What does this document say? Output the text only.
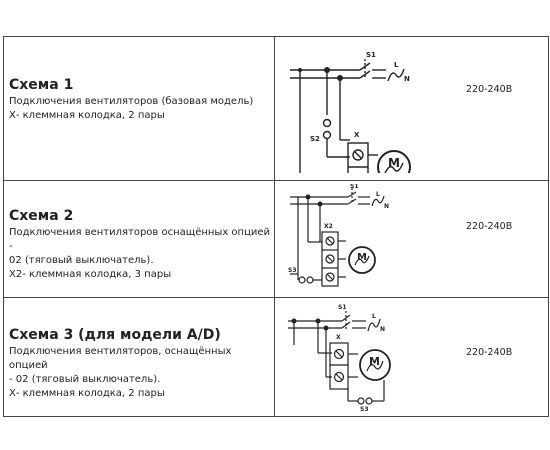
Схема 1
Подключения вентиляторов (базовая модель)
Х- клеммная колодка, 2 пары
S1
L
N
S2	X
M
220-240В
Схема 2
Подключения вентиляторов оснащённых опцией -
02 (тяговый выключатель).
Х2- клеммная колодка, 3 пары
S1
L
N
X2
S3
M
220-240В
Схема 3 (для модели A/D)
Подключения вентиляторов, оснащённых опцией
- 02 (тяговый выключатель).
Х- клеммная колодка, 2 пары
S1
L
N
X
S3
M
220-240В
